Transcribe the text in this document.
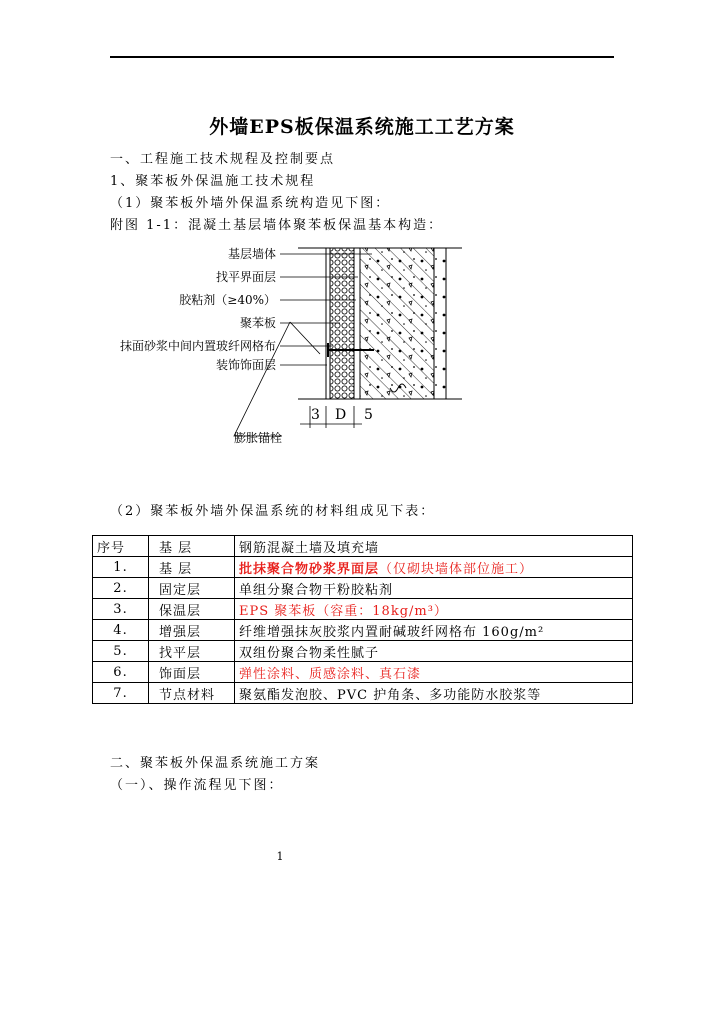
外墙EPS板保温系统施工工艺方案
一、工程施工技术规程及控制要点
1、聚苯板外保温施工技术规程
（1）聚苯板外墙外保温系统构造见下图：
附图 1-1：混凝土基层墙体聚苯板保温基本构造：
3 D 5
基层墙体
找平界面层
胶粘剂（≥40%）
聚苯板
抹面砂浆中间内置玻纤网格布
装饰饰面层
膨胀锚栓
（2）聚苯板外墙外保温系统的材料组成见下表：
序号	基 层	钢筋混凝土墙及填充墙
1.	基 层	批抹聚合物砂浆界面层（仅砌块墙体部位施工）
2.	固定层	单组分聚合物干粉胶粘剂
3.	保温层	EPS 聚苯板（容重：18kg/m³）
4.	增强层	纤维增强抹灰胶浆内置耐碱玻纤网格布 160g/m²
5.	找平层	双组份聚合物柔性腻子
6.	饰面层	弹性涂料、质感涂料、真石漆
7.	节点材料	聚氨酯发泡胶、PVC 护角条、多功能防水胶浆等
二、聚苯板外保温系统施工方案
（一）、操作流程见下图：
1
